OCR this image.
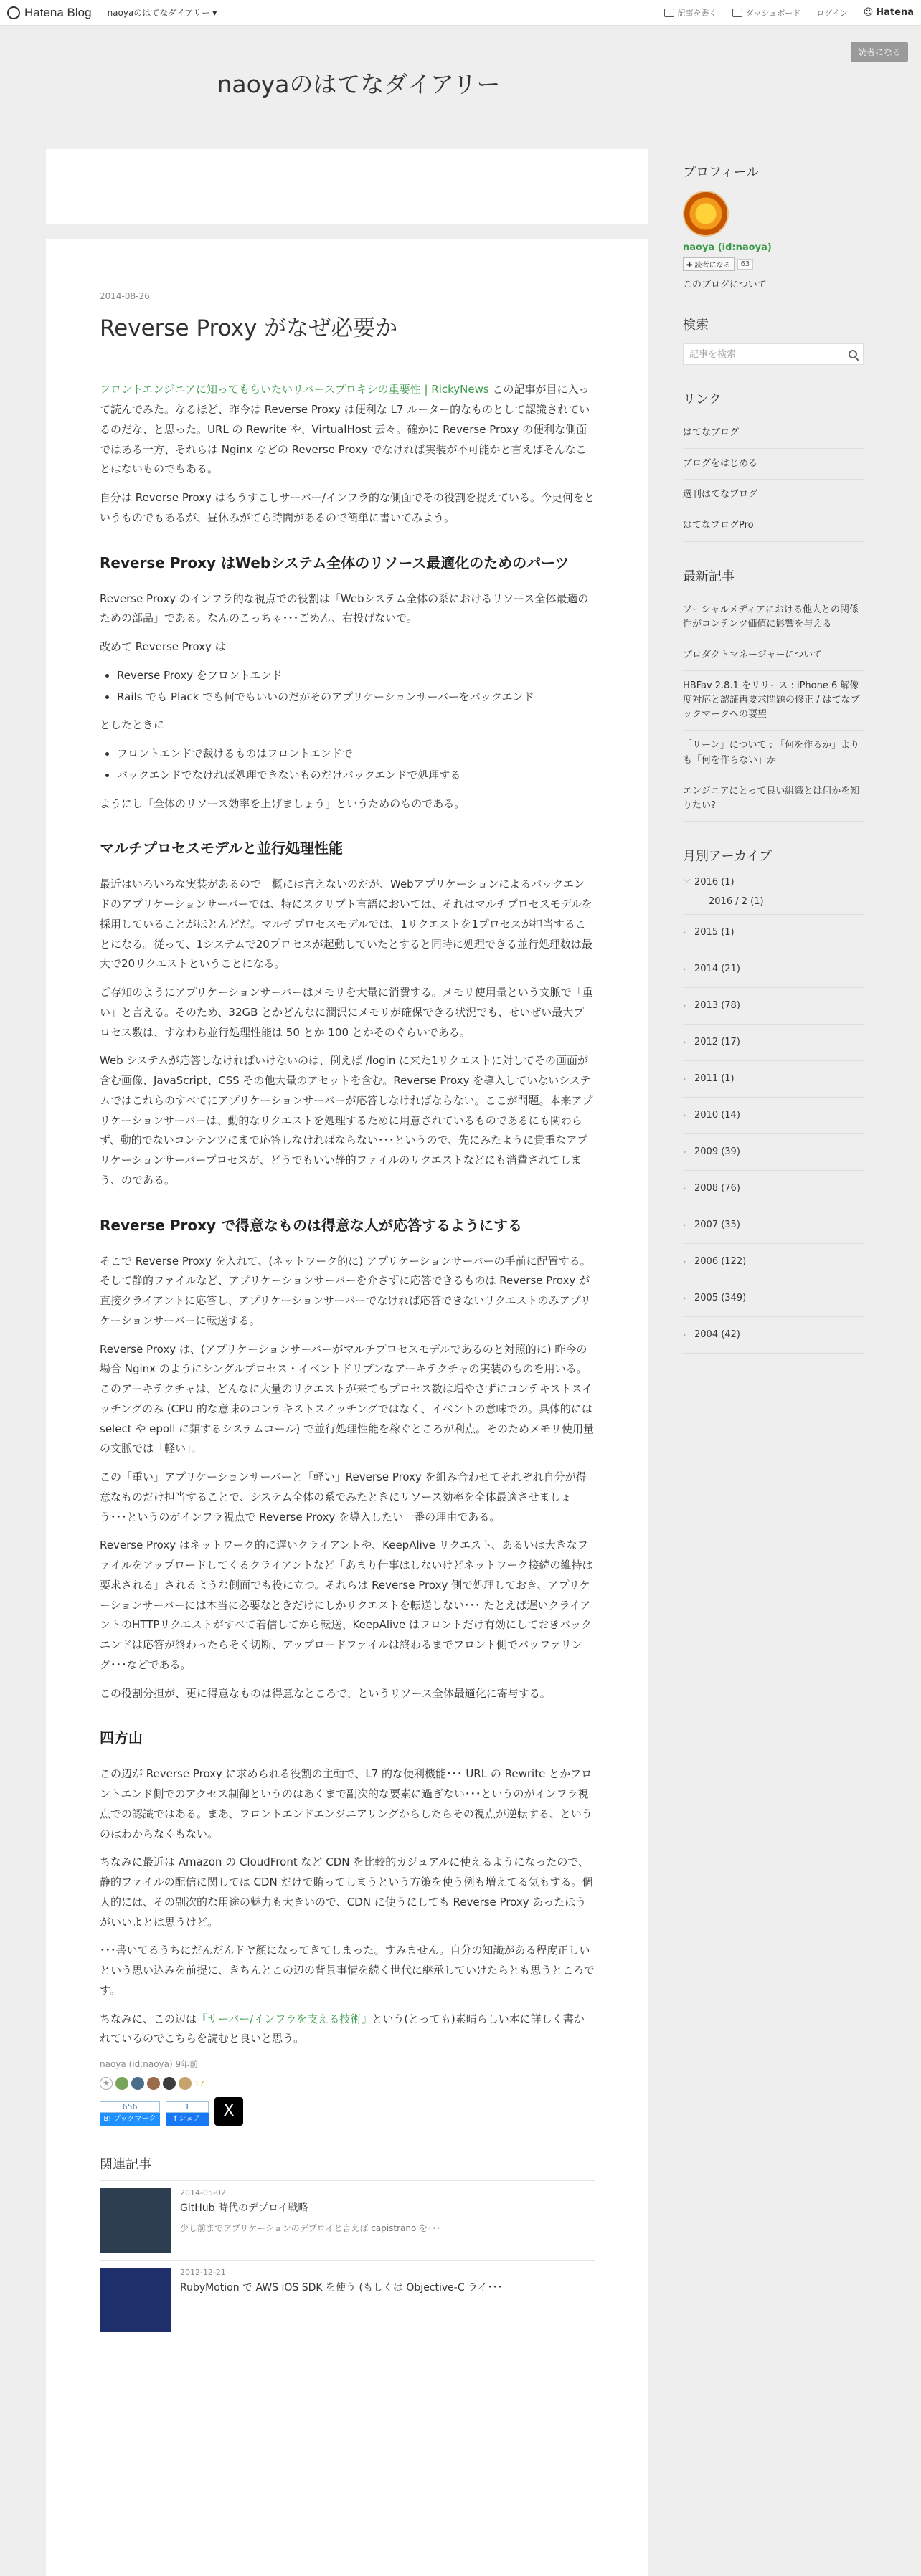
Hatena Blog naoyaのはてなダイアリー ▾	記事を書く	ダッシュボード ログイン ☺ Hatena
読者になる
naoyaのはてなダイアリー
2014-08-26
Reverse Proxy がなぜ必要か

フロントエンジニアに知ってもらいたいリバースプロキシの重要性 | RickyNews この記事が目に入って読んでみた。なるほど、昨今は Reverse Proxy は便利な L7 ルーター的なものとして認識されているのだな、と思った。URL の Rewrite や、VirtualHost 云々。確かに Reverse Proxy の便利な側面ではある一方、それらは Nginx などの Reverse Proxy でなければ実装が不可能かと言えばそんなことはないものでもある。

自分は Reverse Proxy はもうすこしサーバー/インフラ的な側面でその役割を捉えている。今更何をというものでもあるが、昼休みがてら時間があるので簡単に書いてみよう。

Reverse Proxy はWebシステム全体のリソース最適化のためのパーツ

Reverse Proxy のインフラ的な視点での役割は「Webシステム全体の系におけるリソース全体最適のための部品」である。なんのこっちゃ･･･ごめん、右投げないで。

改めて Reverse Proxy は

• Reverse Proxy をフロントエンド
• Rails でも Plack でも何でもいいのだがそのアプリケーションサーバーをバックエンド

としたときに

• フロントエンドで裁けるものはフロントエンドで
• バックエンドでなければ処理できないものだけバックエンドで処理する

ようにし「全体のリソース効率を上げましょう」というためのものである。

マルチプロセスモデルと並行処理性能

最近はいろいろな実装があるので一概には言えないのだが、Webアプリケーションによるバックエンドのアプリケーションサーバーでは、特にスクリプト言語においては、それはマルチプロセスモデルを採用していることがほとんどだ。マルチプロセスモデルでは、1リクエストを1プロセスが担当することになる。従って、1システムで20プロセスが起動していたとすると同時に処理できる並行処理数は最大で20リクエストということになる。

ご存知のようにアプリケーションサーバーはメモリを大量に消費する。メモリ使用量という文脈で「重い」と言える。そのため、32GB とかどんなに潤沢にメモリが確保できる状況でも、せいぜい最大プロセス数は、すなわち並行処理性能は 50 とか 100 とかそのぐらいである。

Web システムが応答しなければいけないのは、例えば /login に来た1リクエストに対してその画面が含む画像、JavaScript、CSS その他大量のアセットを含む。Reverse Proxy を導入していないシステムではこれらのすべてにアプリケーションサーバーが応答しなければならない。ここが問題。本来アプリケーションサーバーは、動的なリクエストを処理するために用意されているものであるにも関わらず、動的でないコンテンツにまで応答しなければならない･･･というので、先にみたように貴重なアプリケーションサーバープロセスが、どうでもいい静的ファイルのリクエストなどにも消費されてしまう、のである。

Reverse Proxy で得意なものは得意な人が応答するようにする

そこで Reverse Proxy を入れて、(ネットワーク的に) アプリケーションサーバーの手前に配置する。そして静的ファイルなど、アプリケーションサーバーを介さずに応答できるものは Reverse Proxy が直接クライアントに応答し、アプリケーションサーバーでなければ応答できないリクエストのみアプリケーションサーバーに転送する。

Reverse Proxy は、(アプリケーションサーバーがマルチプロセスモデルであるのと対照的に) 昨今の場合 Nginx のようにシングルプロセス・イベントドリブンなアーキテクチャの実装のものを用いる。このアーキテクチャは、どんなに大量のリクエストが来てもプロセス数は増やさずにコンテキストスイッチングのみ (CPU 的な意味のコンテキストスイッチングではなく、イベントの意味での。具体的には select や epoll に類するシステムコール) で並行処理性能を稼ぐところが利点。そのためメモリ使用量の文脈では「軽い」。

この「重い」アプリケーションサーバーと「軽い」Reverse Proxy を組み合わせてそれぞれ自分が得意なものだけ担当することで、システム全体の系でみたときにリソース効率を全体最適させましょう･･･というのがインフラ視点で Reverse Proxy を導入したい一番の理由である。

Reverse Proxy はネットワーク的に遅いクライアントや、KeepAlive リクエスト、あるいは大きなファイルをアップロードしてくるクライアントなど「あまり仕事はしないけどネットワーク接続の維持は要求される」されるような側面でも役に立つ。それらは Reverse Proxy 側で処理しておき、アプリケーションサーバーには本当に必要なときだけにしかリクエストを転送しない･･･ たとえば遅いクライアントのHTTPリクエストがすべて着信してから転送、KeepAlive はフロントだけ有効にしておきバックエンドは応答が終わったらそく切断、アップロードファイルは終わるまでフロント側でバッファリング･･･などである。

この役割分担が、更に得意なものは得意なところで、というリソース全体最適化に寄与する。

四方山

この辺が Reverse Proxy に求められる役割の主軸で、L7 的な便利機能･･･ URL の Rewrite とかフロントエンド側でのアクセス制御というのはあくまで副次的な要素に過ぎない･･･というのがインフラ視点での認識ではある。まあ、フロントエンドエンジニアリングからしたらその視点が逆転する、というのはわからなくもない。

ちなみに最近は Amazon の CloudFront など CDN を比較的カジュアルに使えるようになったので、静的ファイルの配信に関しては CDN だけで賄ってしまうという方策を使う例も増えてる気もする。個人的には、その副次的な用途の魅力も大きいので、CDN に使うにしても Reverse Proxy あったほうがいいよとは思うけど。

･･･書いてるうちにだんだんドヤ顔になってきてしまった。すみません。自分の知識がある程度正しいという思い込みを前提に、きちんとこの辺の背景事情を続く世代に継承していけたらとも思うところです。

ちなみに、この辺は『サーバー/インフラを支える技術』という(とっても)素晴らしい本に詳しく書かれているのでこちらを読むと良いと思う。

naoya (id:naoya) 9年前
★	17
656
B! ブックマーク
1
f シェア	X
関連記事
2014-05-02
GitHub 時代のデプロイ戦略
少し前までアプリケーションのデプロイと言えば capistrano を･･･
2012-12-21
RubyMotion で AWS iOS SDK を使う (もしくは Objective-C ライ･･･
プロフィール
naoya (id:naoya)
✚ 読者になる	63
このブログについて
検索
記事を検索
リンク
はてなブログ
ブログをはじめる
週刊はてなブログ
はてなブログPro
最新記事
ソーシャルメディアにおける他人との関係性がコンテンツ価値に影響を与える
プロダクトマネージャーについて
HBFav 2.8.1 をリリース : iPhone 6 解像度対応と認証再要求問題の修正 / はてなブックマークへの要望
「リーン」について : 「何を作るか」よりも「何を作らない」か
エンジニアにとって良い組織とは何かを知りたい?
月別アーカイブ
﹀ 2016 (1)
2016 / 2 (1)
› 2015 (1)
› 2014 (21)
› 2013 (78)
› 2012 (17)
› 2011 (1)
› 2010 (14)
› 2009 (39)
› 2008 (76)
› 2007 (35)
› 2006 (122)
› 2005 (349)
› 2004 (42)
